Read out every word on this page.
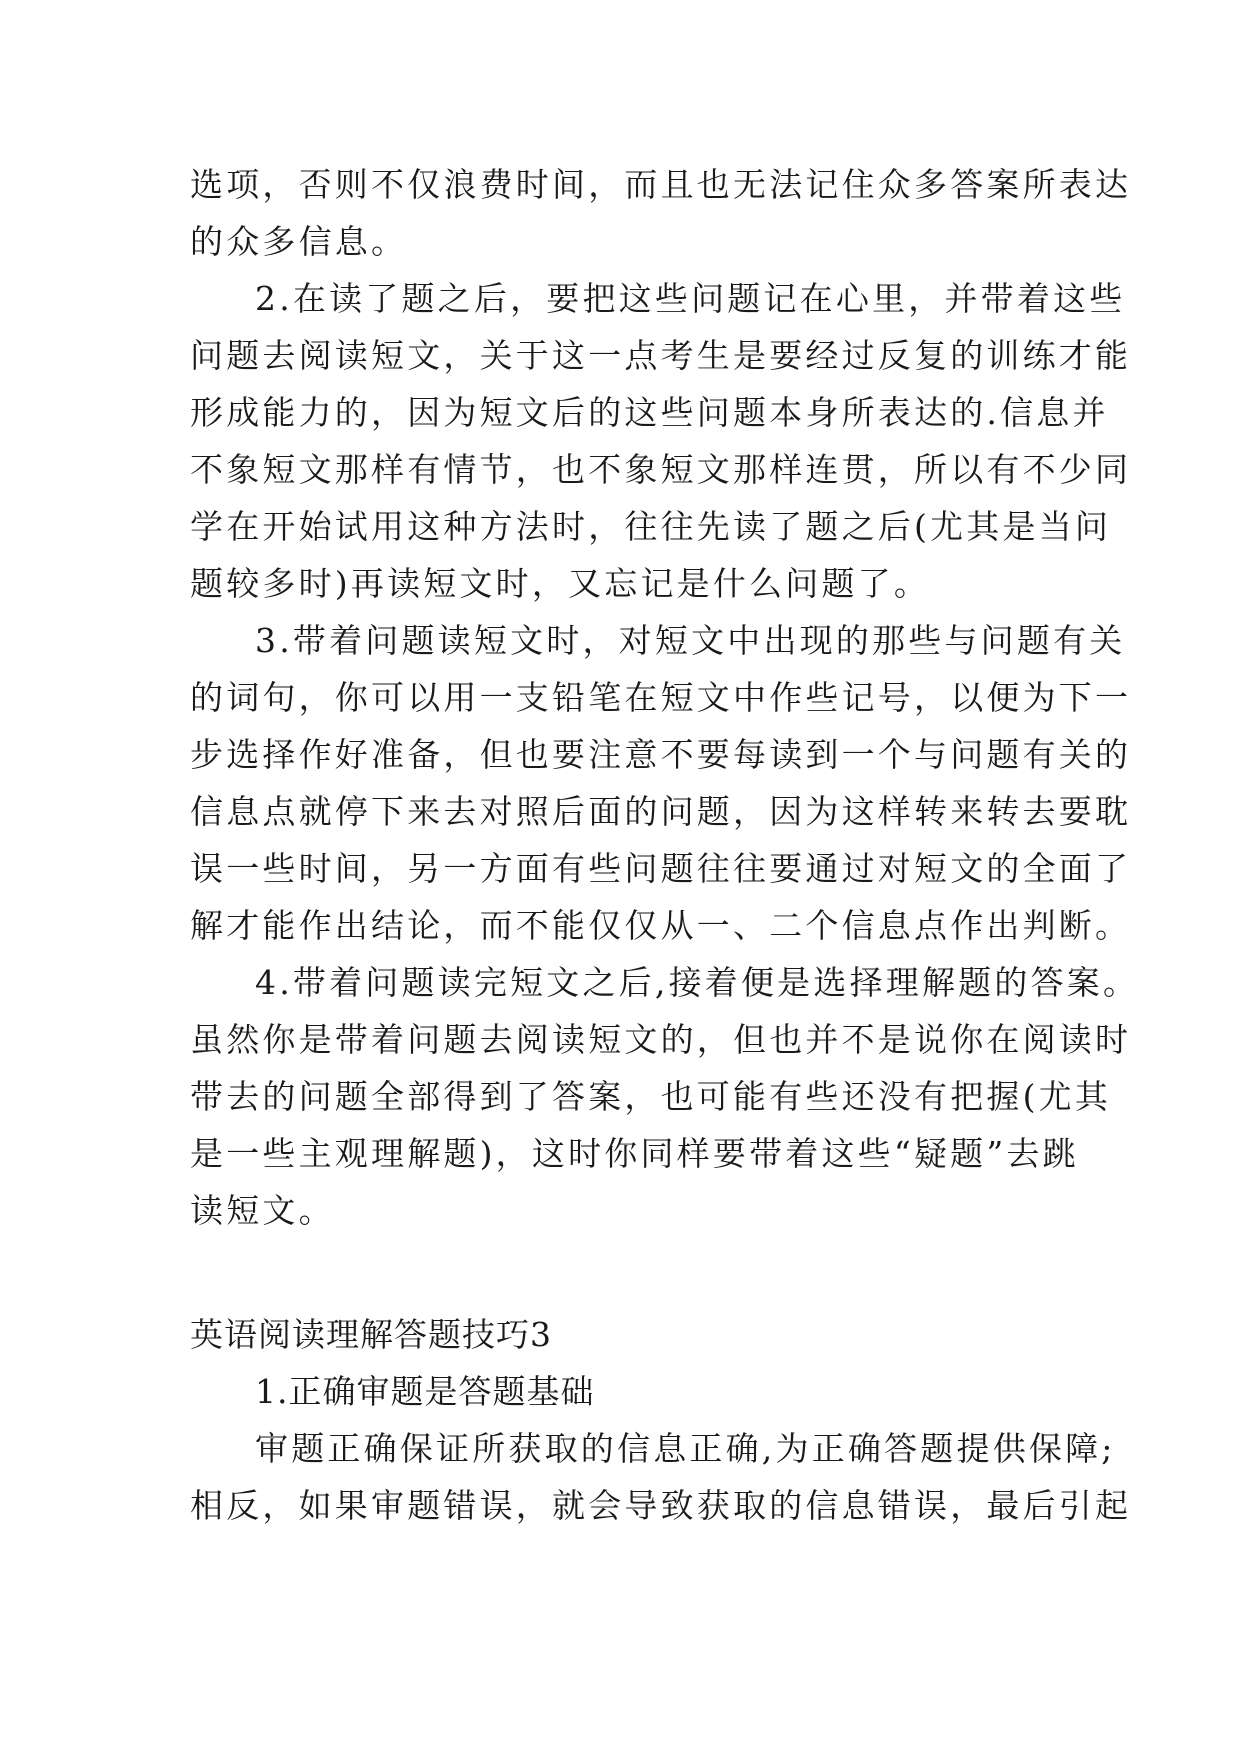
选项，否则不仅浪费时间，而且也无法记住众多答案所表达
的众多信息。
2.在读了题之后，要把这些问题记在心里，并带着这些
问题去阅读短文，关于这一点考生是要经过反复的训练才能
形成能力的，因为短文后的这些问题本身所表达的.信息并
不象短文那样有情节，也不象短文那样连贯，所以有不少同
学在开始试用这种方法时，往往先读了题之后(尤其是当问
题较多时)再读短文时，又忘记是什么问题了。
3.带着问题读短文时，对短文中出现的那些与问题有关
的词句，你可以用一支铅笔在短文中作些记号，以便为下一
步选择作好准备，但也要注意不要每读到一个与问题有关的
信息点就停下来去对照后面的问题，因为这样转来转去要耽
误一些时间，另一方面有些问题往往要通过对短文的全面了
解才能作出结论，而不能仅仅从一、二个信息点作出判断。
4.带着问题读完短文之后,接着便是选择理解题的答案。
虽然你是带着问题去阅读短文的，但也并不是说你在阅读时
带去的问题全部得到了答案，也可能有些还没有把握(尤其
是一些主观理解题)，这时你同样要带着这些“疑题”去跳
读短文。
英语阅读理解答题技巧3
1.正确审题是答题基础
审题正确保证所获取的信息正确,为正确答题提供保障;
相反，如果审题错误，就会导致获取的信息错误，最后引起
